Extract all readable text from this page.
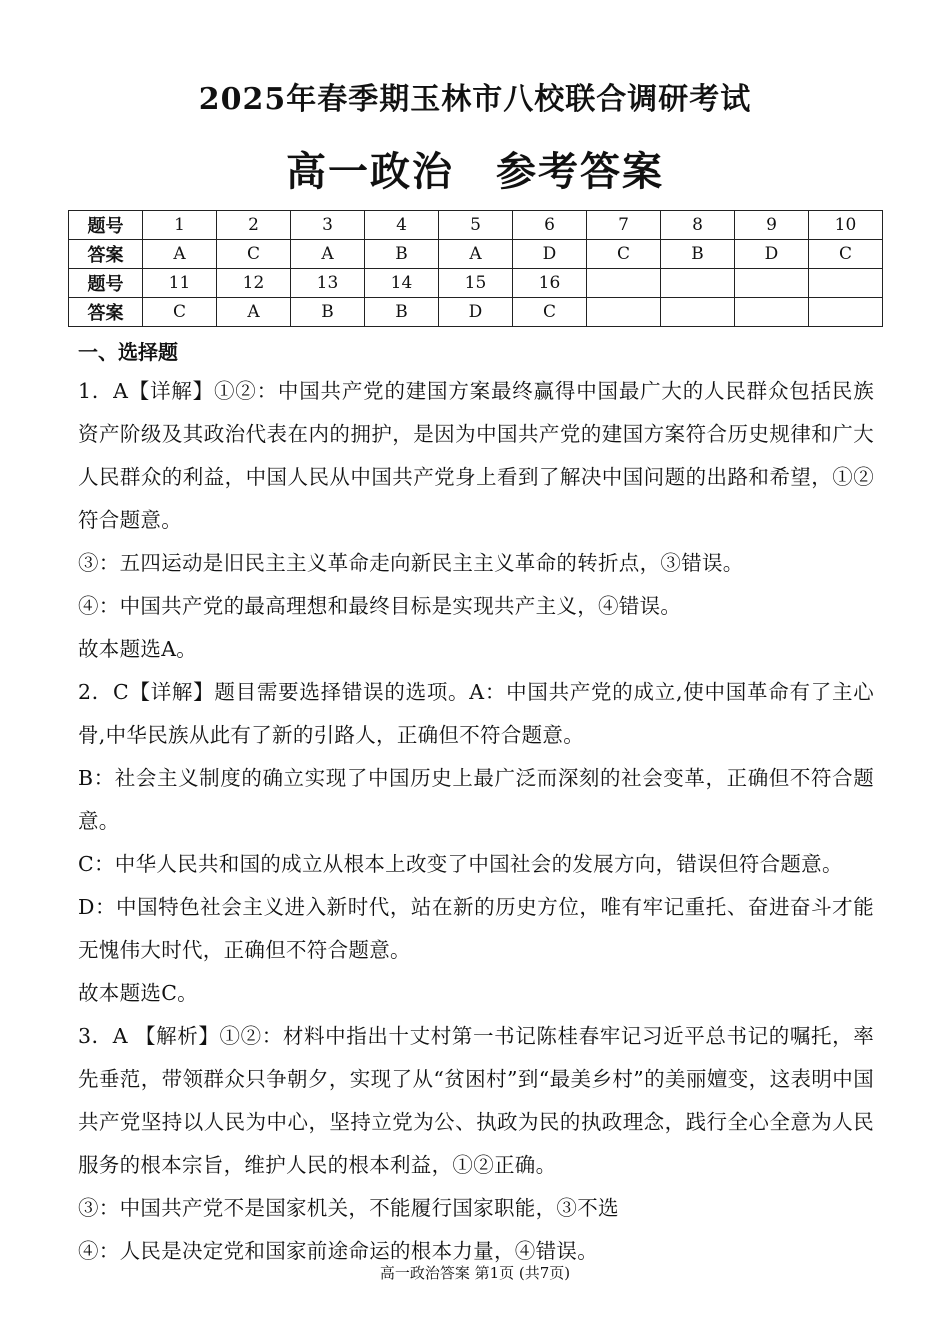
2025年春季期玉林市八校联合调研考试
高一政治　参考答案
题号	1	2	3	4	5	6	7	8	9	10
答案	A	C	A	B	A	D	C	B	D	C
题号	11	12	13	14	15	16				
答案	C	A	B	B	D	C				
一、选择题

1．A【详解】①②：中国共产党的建国方案最终赢得中国最广大的人民群众包括民族资产阶级及其政治代表在内的拥护，是因为中国共产党的建国方案符合历史规律和广大人民群众的利益，中国人民从中国共产党身上看到了解决中国问题的出路和希望，①②符合题意。

③：五四运动是旧民主主义革命走向新民主主义革命的转折点，③错误。

④：中国共产党的最高理想和最终目标是实现共产主义，④错误。

故本题选A。

2．C【详解】题目需要选择错误的选项。A：中国共产党的成立,使中国革命有了主心骨,中华民族从此有了新的引路人，正确但不符合题意。

B：社会主义制度的确立实现了中国历史上最广泛而深刻的社会变革，正确但不符合题意。

C：中华人民共和国的成立从根本上改变了中国社会的发展方向，错误但符合题意。

D：中国特色社会主义进入新时代，站在新的历史方位，唯有牢记重托、奋进奋斗才能无愧伟大时代，正确但不符合题意。

故本题选C。

3．A 【解析】①②：材料中指出十丈村第一书记陈桂春牢记习近平总书记的嘱托，率先垂范，带领群众只争朝夕，实现了从“贫困村”到“最美乡村”的美丽嬗变，这表明中国共产党坚持以人民为中心，坚持立党为公、执政为民的执政理念，践行全心全意为人民服务的根本宗旨，维护人民的根本利益，①②正确。

③：中国共产党不是国家机关，不能履行国家职能，③不选

④：人民是决定党和国家前途命运的根本力量，④错误。

高一政治答案 第1页 (共7页)
